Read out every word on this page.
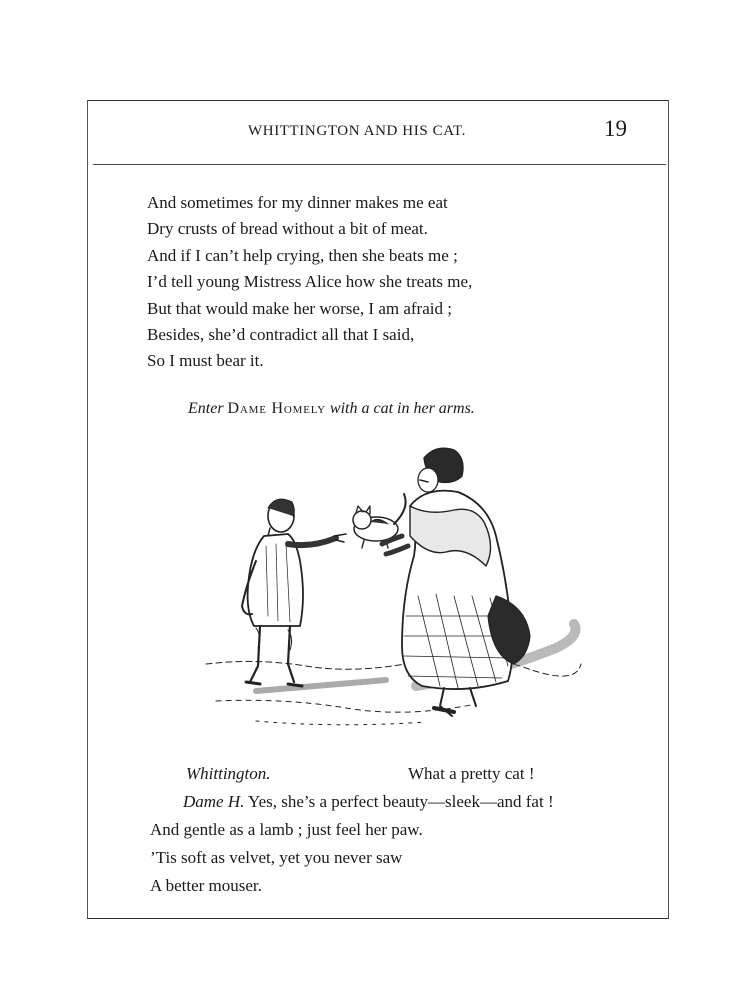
WHITTINGTON AND HIS CAT.	19
And sometimes for my dinner makes me eat
Dry crusts of bread without a bit of meat.
And if I can’t help crying, then she beats me ;
I’d tell young Mistress Alice how she treats me,
But that would make her worse, I am afraid ;
Besides, she’d contradict all that I said,
So I must bear it.
Enter Dame Homely with a cat in her arms.
Whittington.	What a pretty cat !
Dame H. Yes, she’s a perfect beauty—sleek—and fat !
And gentle as a lamb ; just feel her paw.
’Tis soft as velvet, yet you never saw
A better mouser.
